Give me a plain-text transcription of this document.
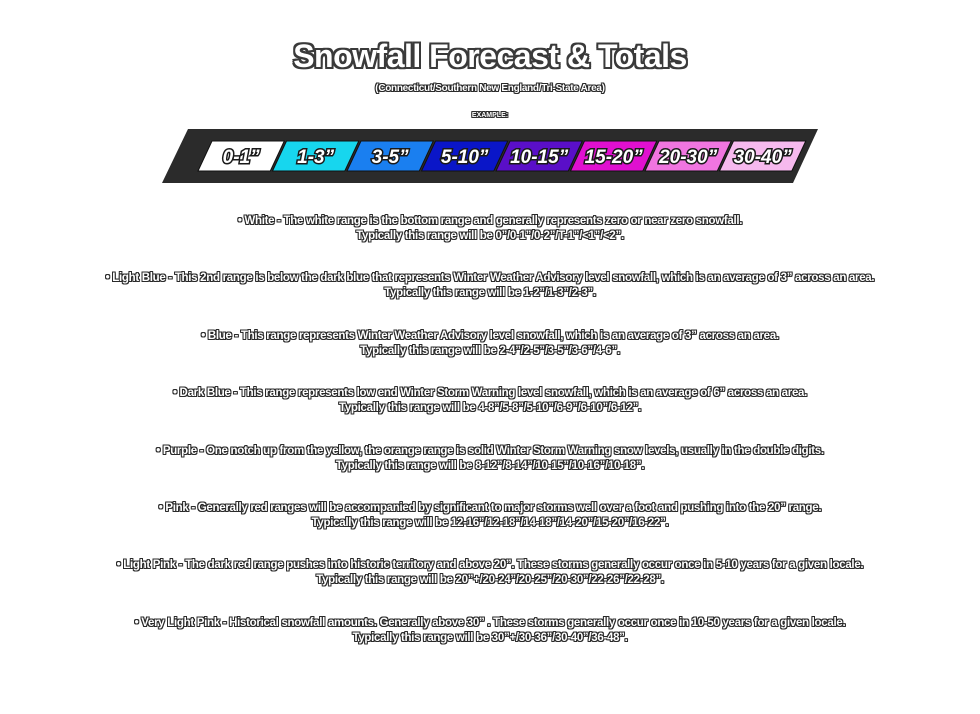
Snowfall Forecast & Totals
(Connecticut/Southern New England/Tri-State Area)
EXAMPLE:
0-1” 1-3” 3-5” 5-10” 10-15” 15-20” 20-30” 30-40”
• White - The white range is the bottom range and generally represents zero or near zero snowfall.
Typically this range will be 0”/0-1”/0-2”/T-1”/<1”/<2”.
• Light Blue - This 2nd range is below the dark blue that represents Winter Weather Advisory level snowfall, which is an average of 3” across an area.
Typically this range will be 1-2”/1-3”/2-3”.
• Blue - This range represents Winter Weather Advisory level snowfall, which is an average of 3” across an area.
Typically this range will be 2-4”/2-5”/3-5”/3-6”/4-6”.
• Dark Blue - This range represents low end Winter Storm Warning level snowfall, which is an average of 6” across an area.
Typically this range will be 4-8”/5-8”/5-10”/6-9”/6-10”/6-12”.
• Purple - One notch up from the yellow, the orange range is solid Winter Storm Warning snow levels, usually in the double digits.
Typically this range will be 8-12”/8-14”/10-15”/10-16”/10-18”.
• Pink - Generally red ranges will be accompanied by significant to major storms well over a foot and pushing into the 20” range.
Typically this range will be 12-16”/12-18”/14-18”/14-20”/15-20”/16-22”.
• Light Pink - The dark red range pushes into historic territory and above 20”. These storms generally occur once in 5-10 years for a given locale.
Typically this range will be 20”+/20-24”/20-25”/20-30”/22-26”/22-28”.
• Very Light Pink - Historical snowfall amounts. Generally above 30” . These storms generally occur once in 10-50 years for a given locale.
Typically this range will be 30”+/30-36”/30-40”/36-48”.
